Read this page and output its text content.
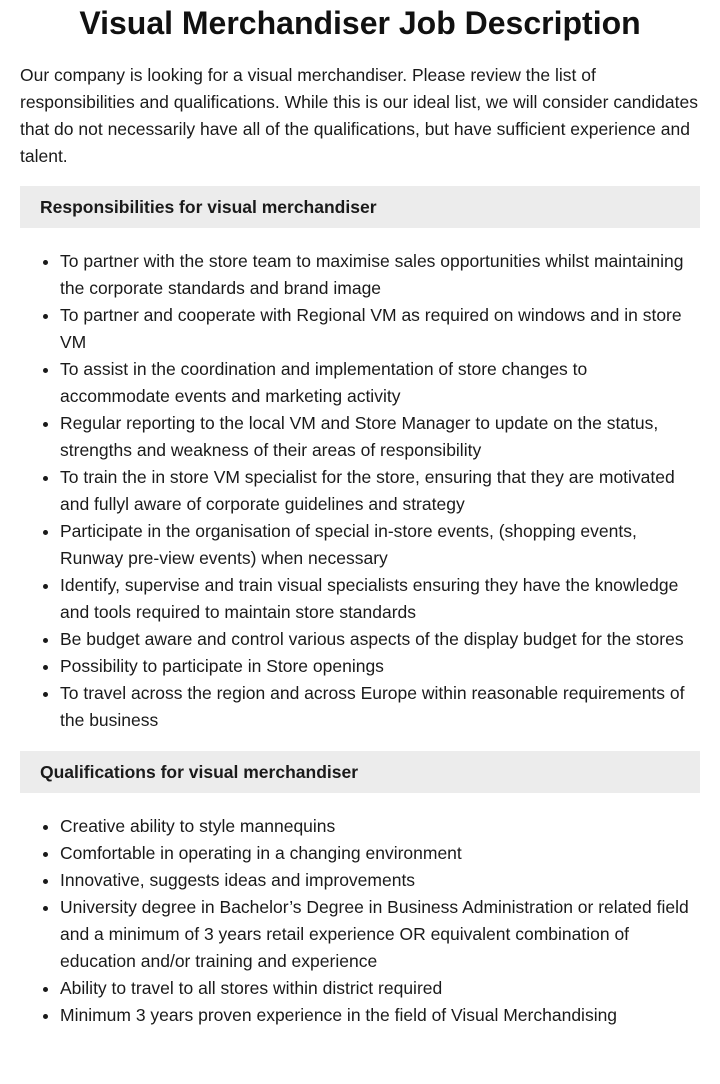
Visual Merchandiser Job Description

Our company is looking for a visual merchandiser. Please review the list of responsibilities and qualifications. While this is our ideal list, we will consider candidates that do not necessarily have all of the qualifications, but have sufficient experience and talent.

Responsibilities for visual merchandiser
• To partner with the store team to maximise sales opportunities whilst maintaining the corporate standards and brand image
• To partner and cooperate with Regional VM as required on windows and in store VM
• To assist in the coordination and implementation of store changes to accommodate events and marketing activity
• Regular reporting to the local VM and Store Manager to update on the status, strengths and weakness of their areas of responsibility
• To train the in store VM specialist for the store, ensuring that they are motivated and fullyl aware of corporate guidelines and strategy
• Participate in the organisation of special in-store events, (shopping events, Runway pre-view events) when necessary
• Identify, supervise and train visual specialists ensuring they have the knowledge and tools required to maintain store standards
• Be budget aware and control various aspects of the display budget for the stores
• Possibility to participate in Store openings
• To travel across the region and across Europe within reasonable requirements of the business
Qualifications for visual merchandiser
• Creative ability to style mannequins
• Comfortable in operating in a changing environment
• Innovative, suggests ideas and improvements
• University degree in Bachelor’s Degree in Business Administration or related field and a minimum of 3 years retail experience OR equivalent combination of education and/or training and experience
• Ability to travel to all stores within district required
• Minimum 3 years proven experience in the field of Visual Merchandising
